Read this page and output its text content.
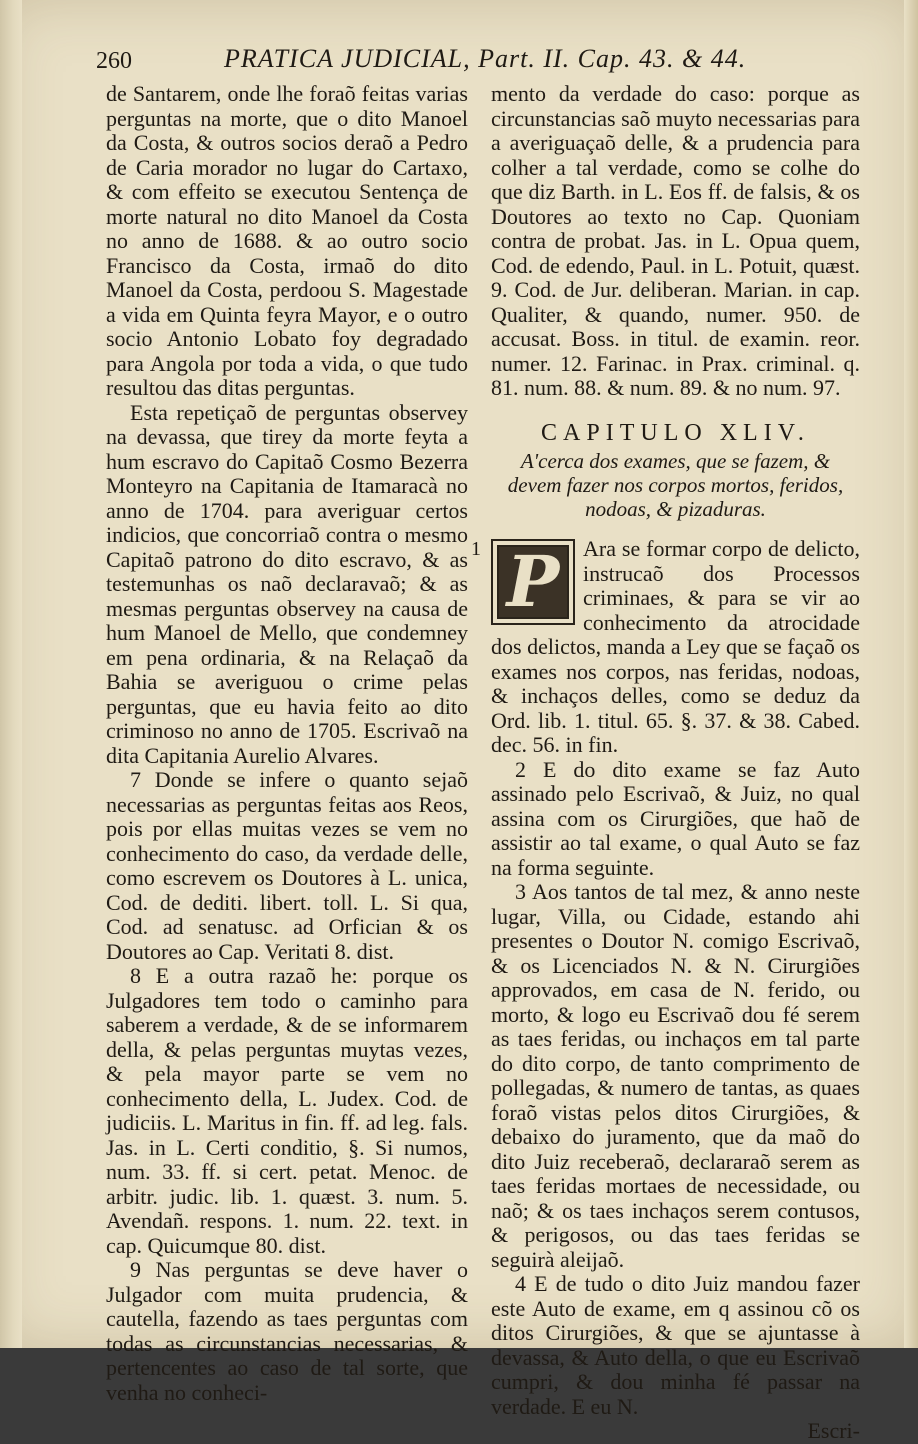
260	PRATICA JUDICIAL, Part. II. Cap. 43. & 44.

de Santarem, onde lhe foraõ feitas varias perguntas na morte, que o dito Manoel da Costa, & outros socios deraõ a Pedro de Caria morador no lugar do Cartaxo, & com effeito se executou Sentença de morte natural no dito Manoel da Costa no anno de 1688. & ao outro socio Francisco da Costa, irmaõ do dito Manoel da Costa, perdoou S. Magestade a vida em Quinta feyra Mayor, e o outro socio Antonio Lobato foy degradado para Angola por toda a vida, o que tudo resultou das ditas perguntas.

Esta repetiçaõ de perguntas observey na devassa, que tirey da morte feyta a hum escravo do Capitaõ Cosmo Bezerra Monteyro na Capitania de Itamaracà no anno de 1704. para averiguar certos indicios, que concorriaõ contra o mesmo Capitaõ patrono do dito escravo, & as testemunhas os naõ declaravaõ; & as mesmas perguntas observey na causa de hum Manoel de Mello, que condemney em pena ordinaria, & na Relaçaõ da Bahia se averiguou o crime pelas perguntas, que eu havia feito ao dito criminoso no anno de 1705. Escrivaõ na dita Capitania Aurelio Alvares.

7 Donde se infere o quanto sejaõ necessarias as perguntas feitas aos Reos, pois por ellas muitas vezes se vem no conhecimento do caso, da verdade delle, como escrevem os Doutores à L. unica, Cod. de dediti. libert. toll. L. Si qua, Cod. ad senatusc. ad Orfician & os Doutores ao Cap. Veritati 8. dist.

8 E a outra razaõ he: porque os Julgadores tem todo o caminho para saberem a verdade, & de se informarem della, & pelas perguntas muytas vezes, & pela mayor parte se vem no conhecimento della, L. Judex. Cod. de judiciis. L. Maritus in fin. ff. ad leg. fals. Jas. in L. Certi conditio, §. Si numos, num. 33. ff. si cert. petat. Menoc. de arbitr. judic. lib. 1. quæst. 3. num. 5. Avendañ. respons. 1. num. 22. text. in cap. Quicumque 80. dist.

9 Nas perguntas se deve haver o Julgador com muita prudencia, & cautella, fazendo as taes perguntas com todas as circunstancias necessarias, & pertencentes ao caso de tal sorte, que venha no conheci-

mento da verdade do caso: porque as circunstancias saõ muyto necessarias para a averiguaçaõ delle, & a prudencia para colher a tal verdade, como se colhe do que diz Barth. in L. Eos ff. de falsis, & os Doutores ao texto no Cap. Quoniam contra de probat. Jas. in L. Opua quem, Cod. de edendo, Paul. in L. Potuit, quæst. 9. Cod. de Jur. deliberan. Marian. in cap. Qualiter, & quando, numer. 950. de accusat. Boss. in titul. de examin. reor. numer. 12. Farinac. in Prax. criminal. q. 81. num. 88. & num. 89. & no num. 97.

CAPITULO XLIV.
A'cerca dos exames, que se fazem, & devem fazer nos corpos mortos, feridos, nodoas, & pizaduras.
1 P	Ara se formar corpo de delicto, instrucaõ dos Processos criminaes, & para se vir ao conhecimento da atrocidade dos delictos, manda a Ley que se façaõ os exames nos corpos, nas feridas, nodoas, & inchaços delles, como se deduz da Ord. lib. 1. titul. 65. §. 37. & 38. Cabed. dec. 56. in fin.

2 E do dito exame se faz Auto assinado pelo Escrivaõ, & Juiz, no qual assina com os Cirurgiões, que haõ de assistir ao tal exame, o qual Auto se faz na forma seguinte.

3 Aos tantos de tal mez, & anno neste lugar, Villa, ou Cidade, estando ahi presentes o Doutor N. comigo Escrivaõ, & os Licenciados N. & N. Cirurgiões approvados, em casa de N. ferido, ou morto, & logo eu Escrivaõ dou fé serem as taes feridas, ou inchaços em tal parte do dito corpo, de tanto comprimento de pollegadas, & numero de tantas, as quaes foraõ vistas pelos ditos Cirurgiões, & debaixo do juramento, que da maõ do dito Juiz receberaõ, declararaõ serem as taes feridas mortaes de necessidade, ou naõ; & os taes inchaços serem contusos, & perigosos, ou das taes feridas se seguirà aleijaõ.

4 E de tudo o dito Juiz mandou fazer este Auto de exame, em q assinou cõ os ditos Cirurgiões, & que se ajuntasse à devassa, & Auto della, o que eu Escrivaõ cumpri, & dou minha fé passar na verdade. E eu N.

Escri-
